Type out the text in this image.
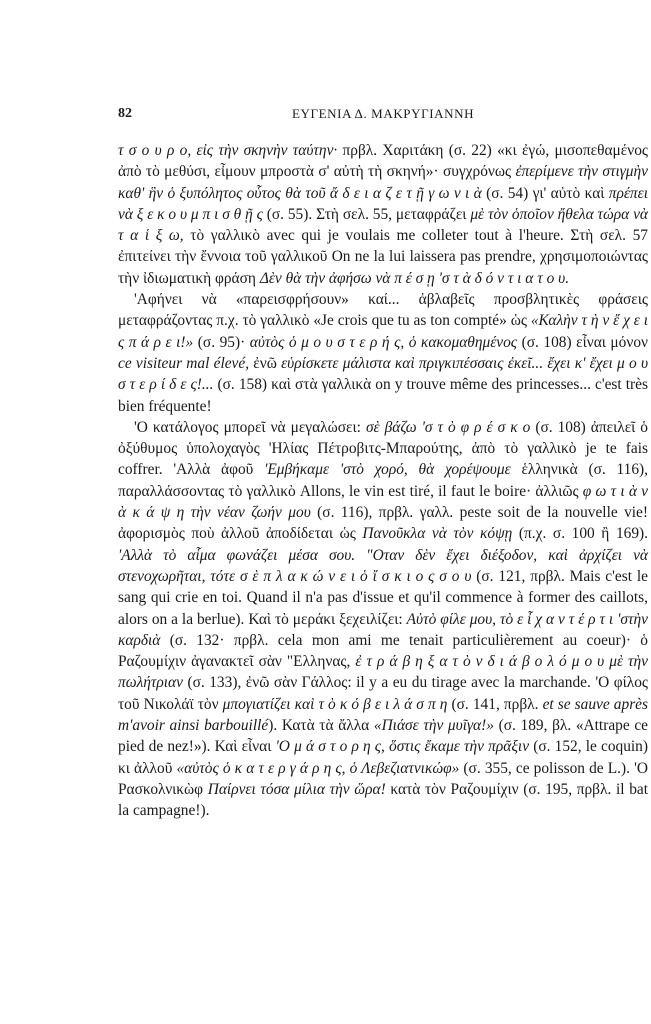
82	ΕΥΓΕΝΙΑ Δ. ΜΑΚΡΥΓΙΑΝΝΗ

τ σ ο υ ρ ο, εἰς τὴν σκηνὴν ταύτην· πρβλ. Χαριτάκη (σ. 22) «κι ἐγώ, μισοπεθαμένος ἀπὸ τὸ μεθύσι, εἶμουν μπροστὰ σ' αὐτὴ τὴ σκηνή»· συγχρόνως ἐπερίμενε τὴν στιγμὴν καθ' ἣν ὁ ξυπόλητος οὗτος θὰ τοῦ ἄ δ ε ι α ζ ε τ ῇ γ ω ν ι ὰ (σ. 54) γι' αὐτὸ καὶ πρέπει νὰ ξ ε κ ο υ μ π ι σ θ ῇ ς (σ. 55). Στὴ σελ. 55, μεταφράζει μὲ τὸν ὁποῖον ἤθελα τώρα νὰ τ α ἱ ξ ω, τὸ γαλλικὸ avec qui je voulais me colleter tout à l'heure. Στὴ σελ. 57 ἐπιτείνει τὴν ἔννοια τοῦ γαλλικοῦ On ne la lui laissera pas prendre, χρησιμοποιώντας τὴν ἰδιωματικὴ φράση Δὲν θὰ τὴν ἀφήσω νὰ π έ σ ῃ 'σ τ ὰ δ ό ν τ ι α τ ο υ.

'Αφήνει νὰ «παρεισφρήσουν» καί... ἀβλαβεῖς προσβλητικὲς φράσεις μεταφράζοντας π.χ. τὸ γαλλικὸ «Je crois que tu as ton compté» ὡς «Καλὴν τ ὴ ν ἔ χ ε ι ς π ά ρ ε ι!» (σ. 95)· αὐτὸς ὁ μ ο υ σ τ ε ρ ή ς, ὁ κακομαθημένος (σ. 108) εἶναι μόνον ce visiteur mal élevé, ἐνῶ εὑρίσκετε μάλιστα καὶ πριγκιπέσσαις ἐκεῖ... ἔχει κ' ἔχει μ ο υ σ τ ε ρ ί δ ε ς!... (σ. 158) καὶ στὰ γαλλικὰ on y trouve même des princesses... c'est très bien fréquente!

'Ο κατάλογος μπορεῖ νὰ μεγαλώσει: σὲ βάζω 'σ τ ὸ φ ρ έ σ κ ο (σ. 108) ἀπειλεῖ ὁ ὀξύθυμος ὑπολοχαγὸς 'Ηλίας Πέτροβιτς-Μπαρούτης, ἀπὸ τὸ γαλλικὸ je te fais coffrer. 'Αλλὰ ἀφοῦ 'Εμβήκαμε 'στὸ χορό, θὰ χορέψουμε ἑλληνικὰ (σ. 116), παραλλάσσοντας τὸ γαλλικὸ Allons, le vin est tiré, il faut le boire· ἀλλιῶς φ ω τ ι ὰ ν ὰ κ ά ψ η τὴν νέαν ζωήν μου (σ. 116), πρβλ. γαλλ. peste soit de la nouvelle vie! ἀφορισμὸς ποὺ ἀλλοῦ ἀποδίδεται ὡς Πανοῦκλα νὰ τὸν κόψῃ (π.χ. σ. 100 ἢ 169). 'Αλλὰ τὸ αἷμα φωνάζει μέσα σου. "Οταν δὲν ἔχει διέξοδον, καὶ ἀρχίζει νὰ στενοχωρῆται, τότε σ ὲ π λ α κ ώ ν ε ι ὁ ἴ σ κ ι ο ς σ ο υ (σ. 121, πρβλ. Mais c'est le sang qui crie en toi. Quand il n'a pas d'issue et qu'il commence à former des caillots, alors on a la berlue). Καὶ τὸ μεράκι ξεχειλίζει: Αὐτὸ φίλε μου, τὸ ε ἶ χ α ν τ έ ρ τ ι 'στὴν καρδιὰ (σ. 132· πρβλ. cela mon ami me tenait particulièrement au coeur)· ὁ Ραζουμίχιν ἀγανακτεῖ σὰν "Ελληνας, ἐ τ ρ ά β η ξ α τ ὸ ν δ ι ά β ο λ ό μ ο υ μὲ τὴν πωλήτριαν (σ. 133), ἐνῶ σὰν Γάλλος: il y a eu du tirage avec la marchande. 'Ο φίλος τοῦ Νικολάϊ τὸν μπογιατίζει καὶ τ ὸ κ ό β ε ι λ ά σ π η (σ. 141, πρβλ. et se sauve après m'avoir ainsi barbouillé). Κατὰ τὰ ἄλλα «Πιάσε τὴν μυῖγα!» (σ. 189, βλ. «Attrape ce pied de nez!»). Καὶ εἶναι 'Ο μ ά σ τ ο ρ η ς, ὅστις ἔκαμε τὴν πρᾶξιν (σ. 152, le coquin) κι ἀλλοῦ «αὐτὸς ὁ κ α τ ε ρ γ ά ρ η ς, ὁ Λεβεζιατνικώφ» (σ. 355, ce polisson de L.). 'Ο Ρασκολνικὼφ Παίρνει τόσα μίλια τὴν ὥρα! κατὰ τὸν Ραζουμίχιν (σ. 195, πρβλ. il bat la campagne!).
